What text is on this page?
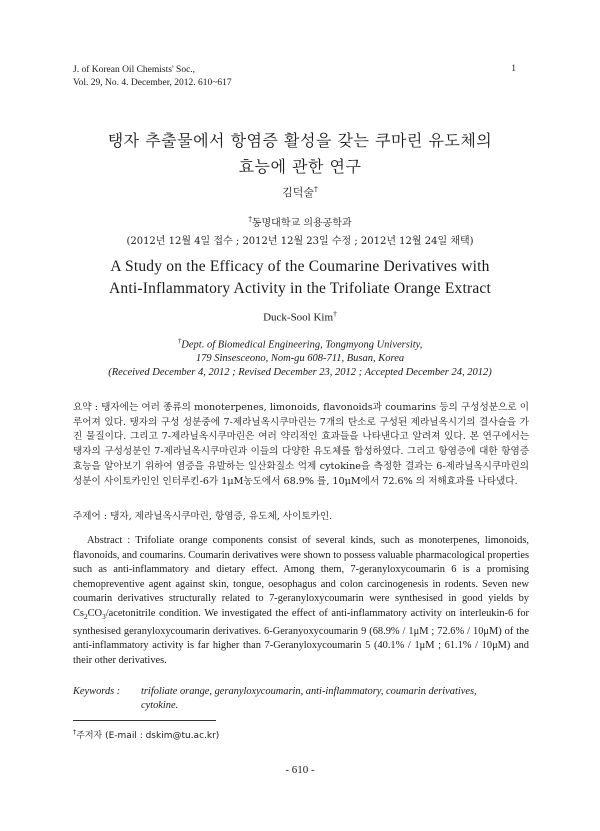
J. of Korean Oil Chemists' Soc.,
Vol. 29, No. 4. December, 2012. 610~617
1
탱자 추출물에서 항염증 활성을 갖는 쿠마린 유도체의
효능에 관한 연구
김덕술†
†동명대학교 의용공학과
(2012년 12월 4일 접수 ; 2012년 12월 23일 수정 ; 2012년 12월 24일 채택)
A Study on the Efficacy of the Coumarine Derivatives with
Anti-Inflammatory Activity in the Trifoliate Orange Extract
Duck-Sool Kim†
†Dept. of Biomedical Engineering, Tongmyong University,
179 Sinsesceono, Nom-gu 608-711, Busan, Korea
(Received December 4, 2012 ; Revised December 23, 2012 ; Accepted December 24, 2012)
요약 : 탱자에는 여러 종류의 monoterpenes, limonoids, flavonoids과 coumarins 등의 구성성분으로 이루어져 있다. 탱자의 구성 성분중에 7-제라닐옥시쿠마린는 7개의 탄소로 구성된 제라닐옥시기의 결사슬을 가진 물질이다. 그리고 7-제라닐옥시쿠마린은 여러 약리적인 효과들을 나타낸다고 알려져 있다. 본 연구에서는 탱자의 구성성분인 7-제라닐옥시쿠마린과 이들의 다양한 유도체를 합성하였다. 그리고 항염증에 대한 항염증 효능을 알아보기 위하여 염증을 유발하는 일산화질소 억제 cytokine을 측정한 결과는 6-제라닐옥시쿠마린의 성분이 사이토카인인 인터루킨-6가 1μM농도에서 68.9% 를, 10μM에서 72.6% 의 저해효과를 나타냈다.
주제어 : 탱자, 제라닐옥시쿠마린, 항염증, 유도체, 사이토카인.
Abstract : Trifoliate orange components consist of several kinds, such as monoterpenes, limonoids, flavonoids, and coumarins. Coumarin derivatives were shown to possess valuable pharmacological properties such as anti-inflammatory and dietary effect. Among them, 7-geranyloxycoumarin 6 is a promising chemopreventive agent against skin, tongue, oesophagus and colon carcinogenesis in rodents. Seven new coumarin derivatives structurally related to 7-geranyloxycoumarin were synthesised in good yields by $Cs_2CO_3$/acetonitrile condition. We investigated the effect of anti-inflammatory activity on interleukin-6 for synthesised geranyloxycoumarin derivatives. 6-Geranyoxycoumarin 9 (68.9% / 1μM ; 72.6% / 10μM) of the anti-inflammatory activity is far higher than 7-Geranyloxycoumarin 5 (40.1% / 1μM ; 61.1% / 10μM) and their other derivatives.
Keywords : trifoliate orange, geranyloxycoumarin, anti-inflammatory, coumarin derivatives,
cytokine.
†주저자 (E-mail : dskim@tu.ac.kr)
- 610 -
